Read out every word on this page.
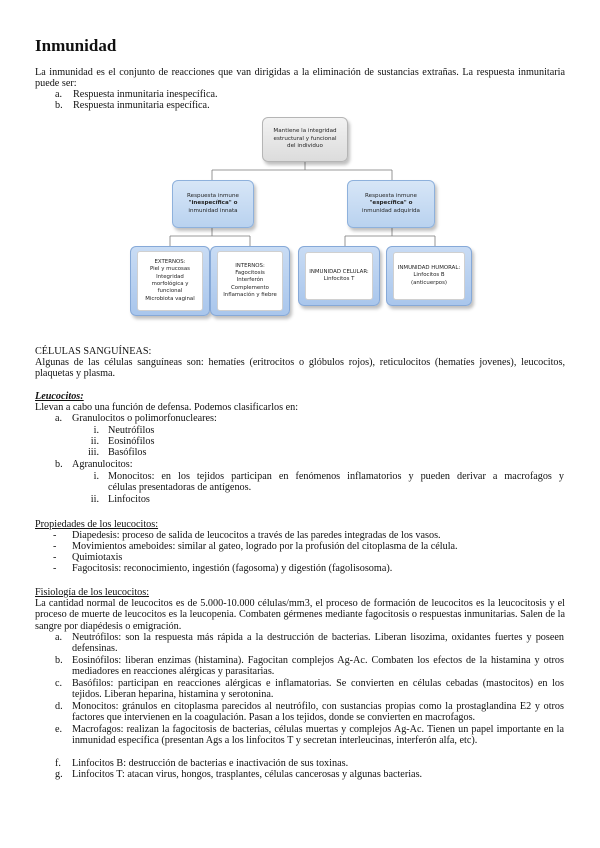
Inmunidad
La inmunidad es el conjunto de reacciones que van dirigidas a la eliminación de sustancias extrañas. La respuesta inmunitaria puede ser:
a. Respuesta inmunitaria inespecífica.
b. Respuesta inmunitaria específica.
Mantiene la integridad
estructural y funcional
del individuo
Respuesta inmune
"inespecífica" o
inmunidad innata
Respuesta inmune
"específica" o
inmunidad adquirida
EXTERNOS:
Piel y mucosas
Integridad
morfológica y
funcional
Microbiota vaginal
INTERNOS:
Fagocitosis
Interferón
Complemento
Inflamación y fiebre
INMUNIDAD CELULAR:
Linfocitos T
INMUNIDAD HUMORAL:
Linfocitos B
(anticuerpos)
CÉLULAS SANGUÍNEAS:
Algunas de las células sanguíneas son: hematíes (eritrocitos o glóbulos rojos), reticulocitos (hematíes jovenes), leucocitos, plaquetas y plasma.
Leucocitos:
Llevan a cabo una función de defensa. Podemos clasificarlos en:
a. Granulocitos o polimorfonucleares:
i. Neutrófilos
ii. Eosinófilos
iii. Basófilos
b. Agranulocitos:
i. Monocitos: en los tejidos participan en fenómenos inflamatorios y pueden derivar a macrofagos y
células presentadoras de antígenos.
ii. Linfocitos
Propiedades de los leucocitos:
- Diapedesis: proceso de salida de leucocitos a través de las paredes integradas de los vasos.
- Movimientos ameboides: similar al gateo, logrado por la profusión del citoplasma de la célula.
- Quimiotaxis
- Fagocitosis: reconocimiento, ingestión (fagosoma) y digestión (fagolisosoma).
Fisiología de los leucocitos:
La cantidad normal de leucocitos es de 5.000-10.000 células/mm3, el proceso de formación de leucocitos es la leucocitosis y el proceso de muerte de leucocitos es la leucopenia. Combaten gérmenes mediante fagocitosis o respuestas inmunitarias. Salen de la sangre por diapédesis o emigración.
a. Neutrófilos: son la respuesta más rápida a la destrucción de bacterias. Liberan lisozima, oxidantes fuertes y poseen defensinas.
b. Eosinófilos: liberan enzimas (histamina). Fagocitan complejos Ag-Ac. Combaten los efectos de la histamina y otros mediadores en reacciones alérgicas y parasitarias.
c. Basófilos: participan en reacciones alérgicas e inflamatorias. Se convierten en células cebadas (mastocitos) en los tejidos. Liberan heparina, histamina y serotonina.
d. Monocitos: gránulos en citoplasma parecidos al neutrófilo, con sustancias propias como la prostaglandina E2 y otros factores que intervienen en la coagulación. Pasan a los tejidos, donde se convierten en macrofagos.
e. Macrofagos: realizan la fagocitosis de bacterias, células muertas y complejos Ag-Ac. Tienen un papel importante en la inmunidad específica (presentan Ags a los linfocitos T y secretan interleucinas, interferón alfa, etc).
f. Linfocitos B: destrucción de bacterias e inactivación de sus toxinas.
g. Linfocitos T: atacan virus, hongos, trasplantes, células cancerosas y algunas bacterias.
